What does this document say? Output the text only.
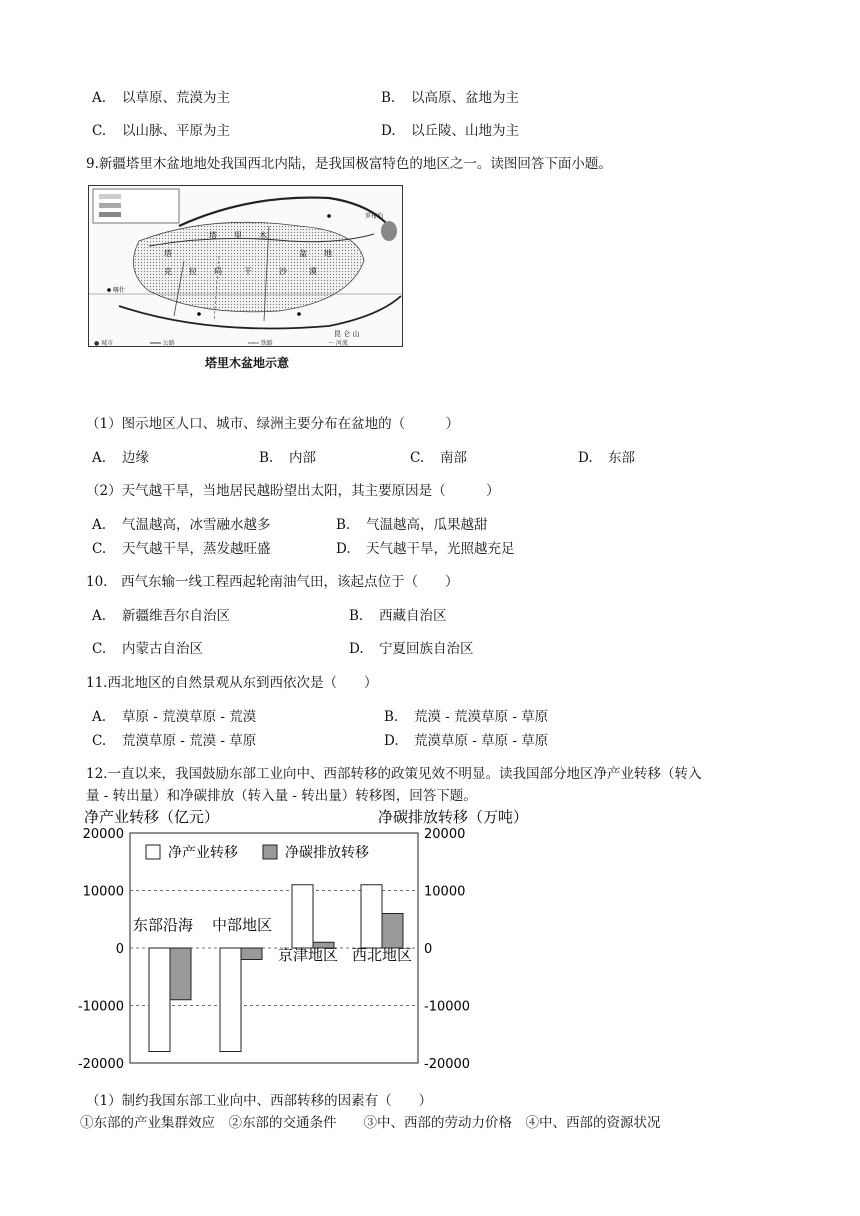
A. 以草原、荒漠为主	B. 以高原、盆地为主
C. 以山脉、平原为主	D. 以丘陵、山地为主
9.新疆塔里木盆地地处我国西北内陆，是我国极富特色的地区之一。读图回答下面小题。
塔 里 木
盆 地
塔
克 拉 玛	干	沙	漠
罗布泊
昆 仑 山
喀什
● 城市	━━━ 公路	┅┅┅ 铁路	〜 河流
塔里木盆地示意
（1）图示地区人口、城市、绿洲主要分布在盆地的（　　　）
A. 边缘	B. 内部	C. 南部	D. 东部
（2）天气越干旱，当地居民越盼望出太阳，其主要原因是（　　　）
A. 气温越高，冰雪融水越多	B. 气温越高，瓜果越甜
C. 天气越干旱，蒸发越旺盛	D. 天气越干旱，光照越充足
10.　西气东输一线工程西起轮南油气田，该起点位于（　　）
A. 新疆维吾尔自治区	B. 西藏自治区
C. 内蒙古自治区	D. 宁夏回族自治区
11.西北地区的自然景观从东到西依次是（　　）
A. 草原 - 荒漠草原 - 荒漠	B. 荒漠 - 荒漠草原 - 草原
C. 荒漠草原 - 荒漠 - 草原	D. 荒漠草原 - 草原 - 草原
12.一直以来，我国鼓励东部工业向中、西部转移的政策见效不明显。读我国部分地区净产业转移（转入
量 - 转出量）和净碳排放（转入量 - 转出量）转移图，回答下题。
净产业转移（亿元）	净碳排放转移（万吨）
20000	20000
10000	10000
0	0
-10000	-10000
-20000	-20000
东部沿海 中部地区
京津地区 西北地区
净产业转移	净碳排放转移
（1）制约我国东部工业向中、西部转移的因素有（　　）
①东部的产业集群效应　②东部的交通条件　　③中、西部的劳动力价格　④中、西部的资源状况
